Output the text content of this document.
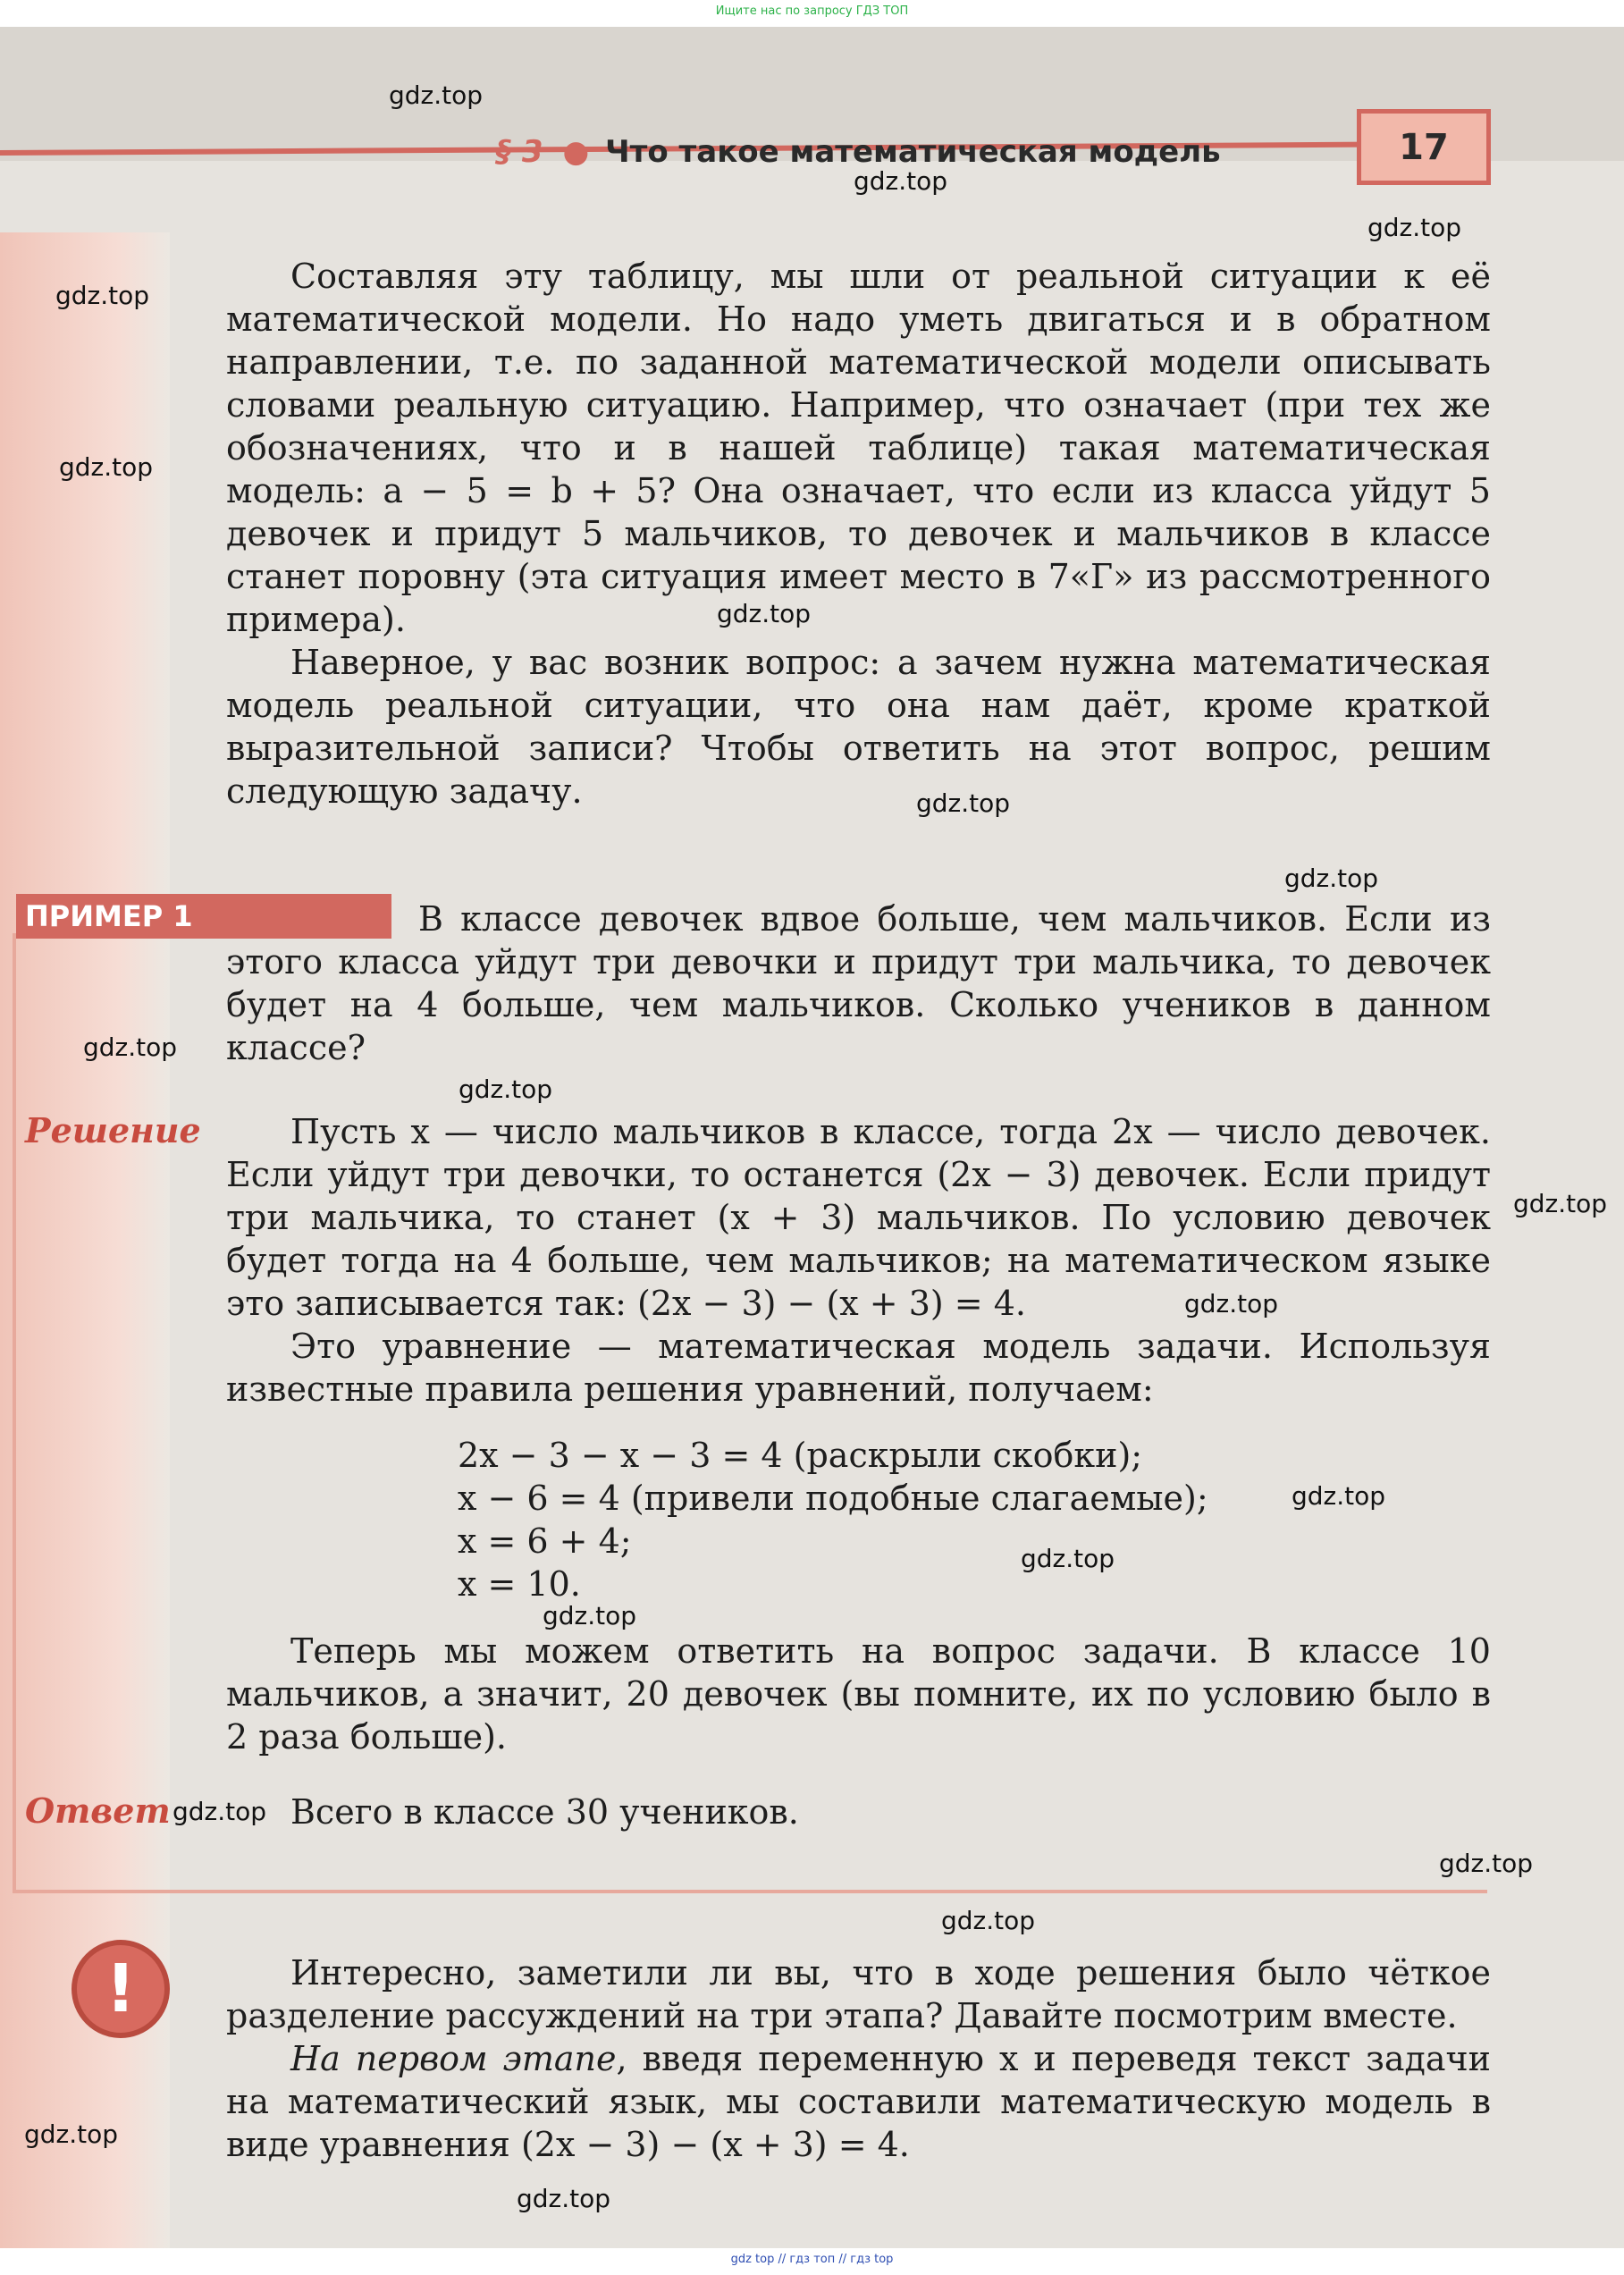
Ищите нас по запросу ГДЗ ТОП
§ 3 ● Что такое математическая модель	17
Составляя эту таблицу, мы шли от реальной ситуации к её математической модели. Но надо уметь двигаться и в обратном направлении, т.е. по заданной математической модели описывать словами реальную ситуацию. Например, что означает (при тех же обозначениях, что и в нашей таблице) такая математическая модель: a − 5 = b + 5? Она означает, что если из класса уйдут 5 девочек и придут 5 мальчиков, то девочек и мальчиков в классе станет поровну (эта ситуация имеет место в 7«Г» из рассмотренного примера).
Наверное, у вас возник вопрос: а зачем нужна математическая модель реальной ситуации, что она нам даёт, кроме краткой выразительной записи? Чтобы ответить на этот вопрос, решим следующую задачу.
ПРИМЕР 1	В классе девочек вдвое больше, чем мальчиков. Если из этого класса уйдут три девочки и придут три мальчика, то девочек будет на 4 больше, чем мальчиков. Сколько учеников в данном классе?
Решение	Пусть x — число мальчиков в классе, тогда 2x — число девочек. Если уйдут три девочки, то останется (2x − 3) девочек. Если придут три мальчика, то станет (x + 3) мальчиков. По условию девочек будет тогда на 4 больше, чем мальчиков; на математическом языке это записывается так: (2x − 3) − (x + 3) = 4.
Это уравнение — математическая модель задачи. Используя известные правила решения уравнений, получаем:
2x − 3 − x − 3 = 4 (раскрыли скобки);
x − 6 = 4 (привели подобные слагаемые);
x = 6 + 4;
x = 10.
Теперь мы можем ответить на вопрос задачи. В классе 10 мальчиков, а значит, 20 девочек (вы помните, их по условию было в 2 раза больше).
Ответ	Всего в классе 30 учеников.
!	Интересно, заметили ли вы, что в ходе решения было чёткое разделение рассуждений на три этапа? Давайте посмотрим вместе.
На первом этапе, введя переменную x и переведя текст задачи на математический язык, мы составили математическую модель в виде уравнения (2x − 3) − (x + 3) = 4.
gdz.top
gdz.top
gdz.top
gdz.top
gdz.top
gdz.top
gdz.top
gdz.top
gdz.top
gdz.top
gdz.top
gdz.top
gdz.top
gdz.top
gdz.top
gdz.top
gdz.top
gdz.top
gdz.top
gdz.top
gdz top // гдз топ // гдз top
